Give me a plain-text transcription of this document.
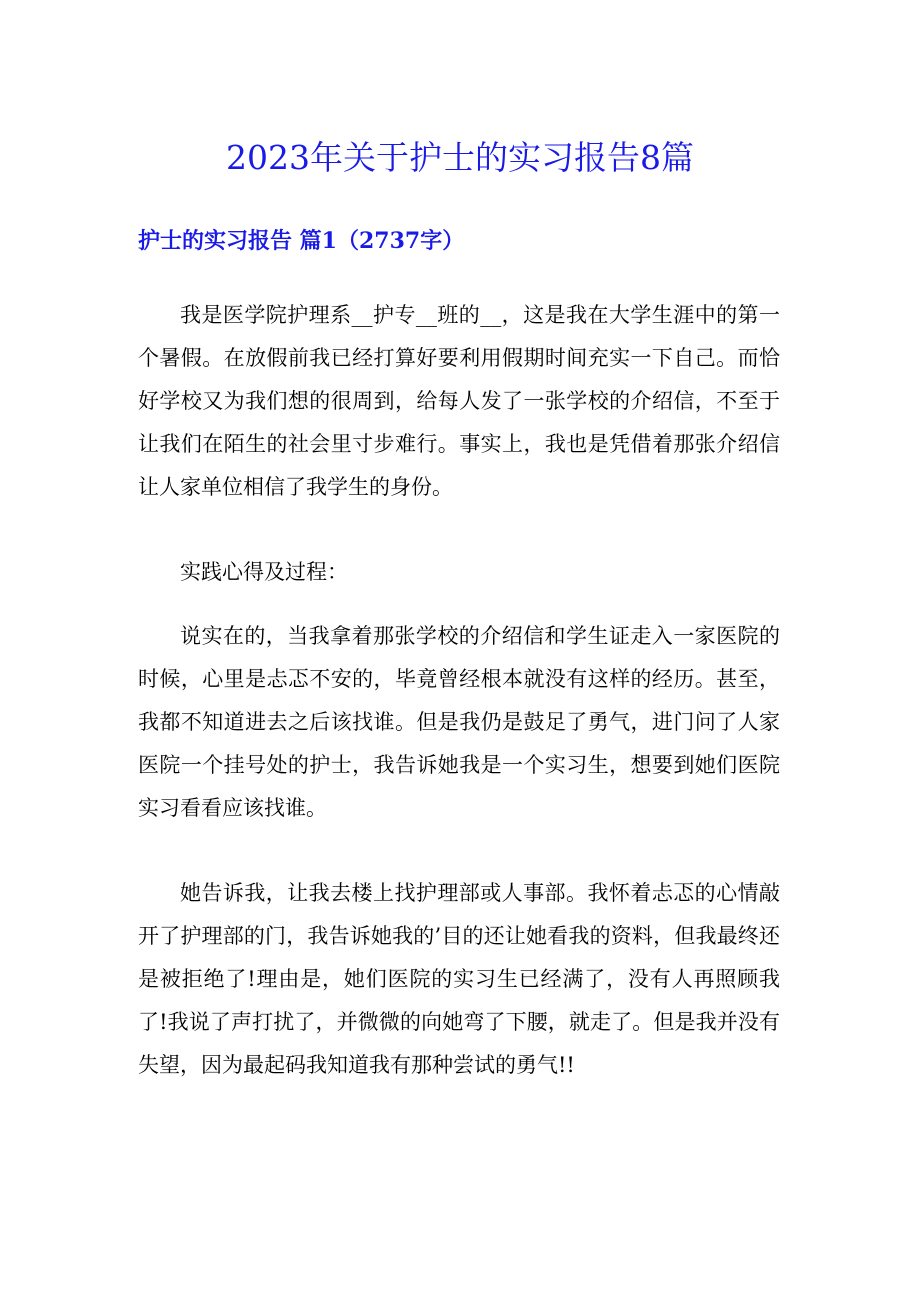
2023年关于护士的实习报告8篇
护士的实习报告 篇1（2737字）

我是医学院护理系__护专__班的__，这是我在大学生涯中的第一个暑假。在放假前我已经打算好要利用假期时间充实一下自己。而恰好学校又为我们想的很周到，给每人发了一张学校的介绍信，不至于让我们在陌生的社会里寸步难行。事实上，我也是凭借着那张介绍信让人家单位相信了我学生的身份。

实践心得及过程：

说实在的，当我拿着那张学校的介绍信和学生证走入一家医院的时候，心里是忐忑不安的，毕竟曾经根本就没有这样的经历。甚至，我都不知道进去之后该找谁。但是我仍是鼓足了勇气，进门问了人家医院一个挂号处的护士，我告诉她我是一个实习生，想要到她们医院实习看看应该找谁。

她告诉我，让我去楼上找护理部或人事部。我怀着忐忑的心情敲开了护理部的门，我告诉她我的’目的还让她看我的资料，但我最终还是被拒绝了!理由是，她们医院的实习生已经满了，没有人再照顾我了!我说了声打扰了，并微微的向她弯了下腰，就走了。但是我并没有失望，因为最起码我知道我有那种尝试的勇气!!
